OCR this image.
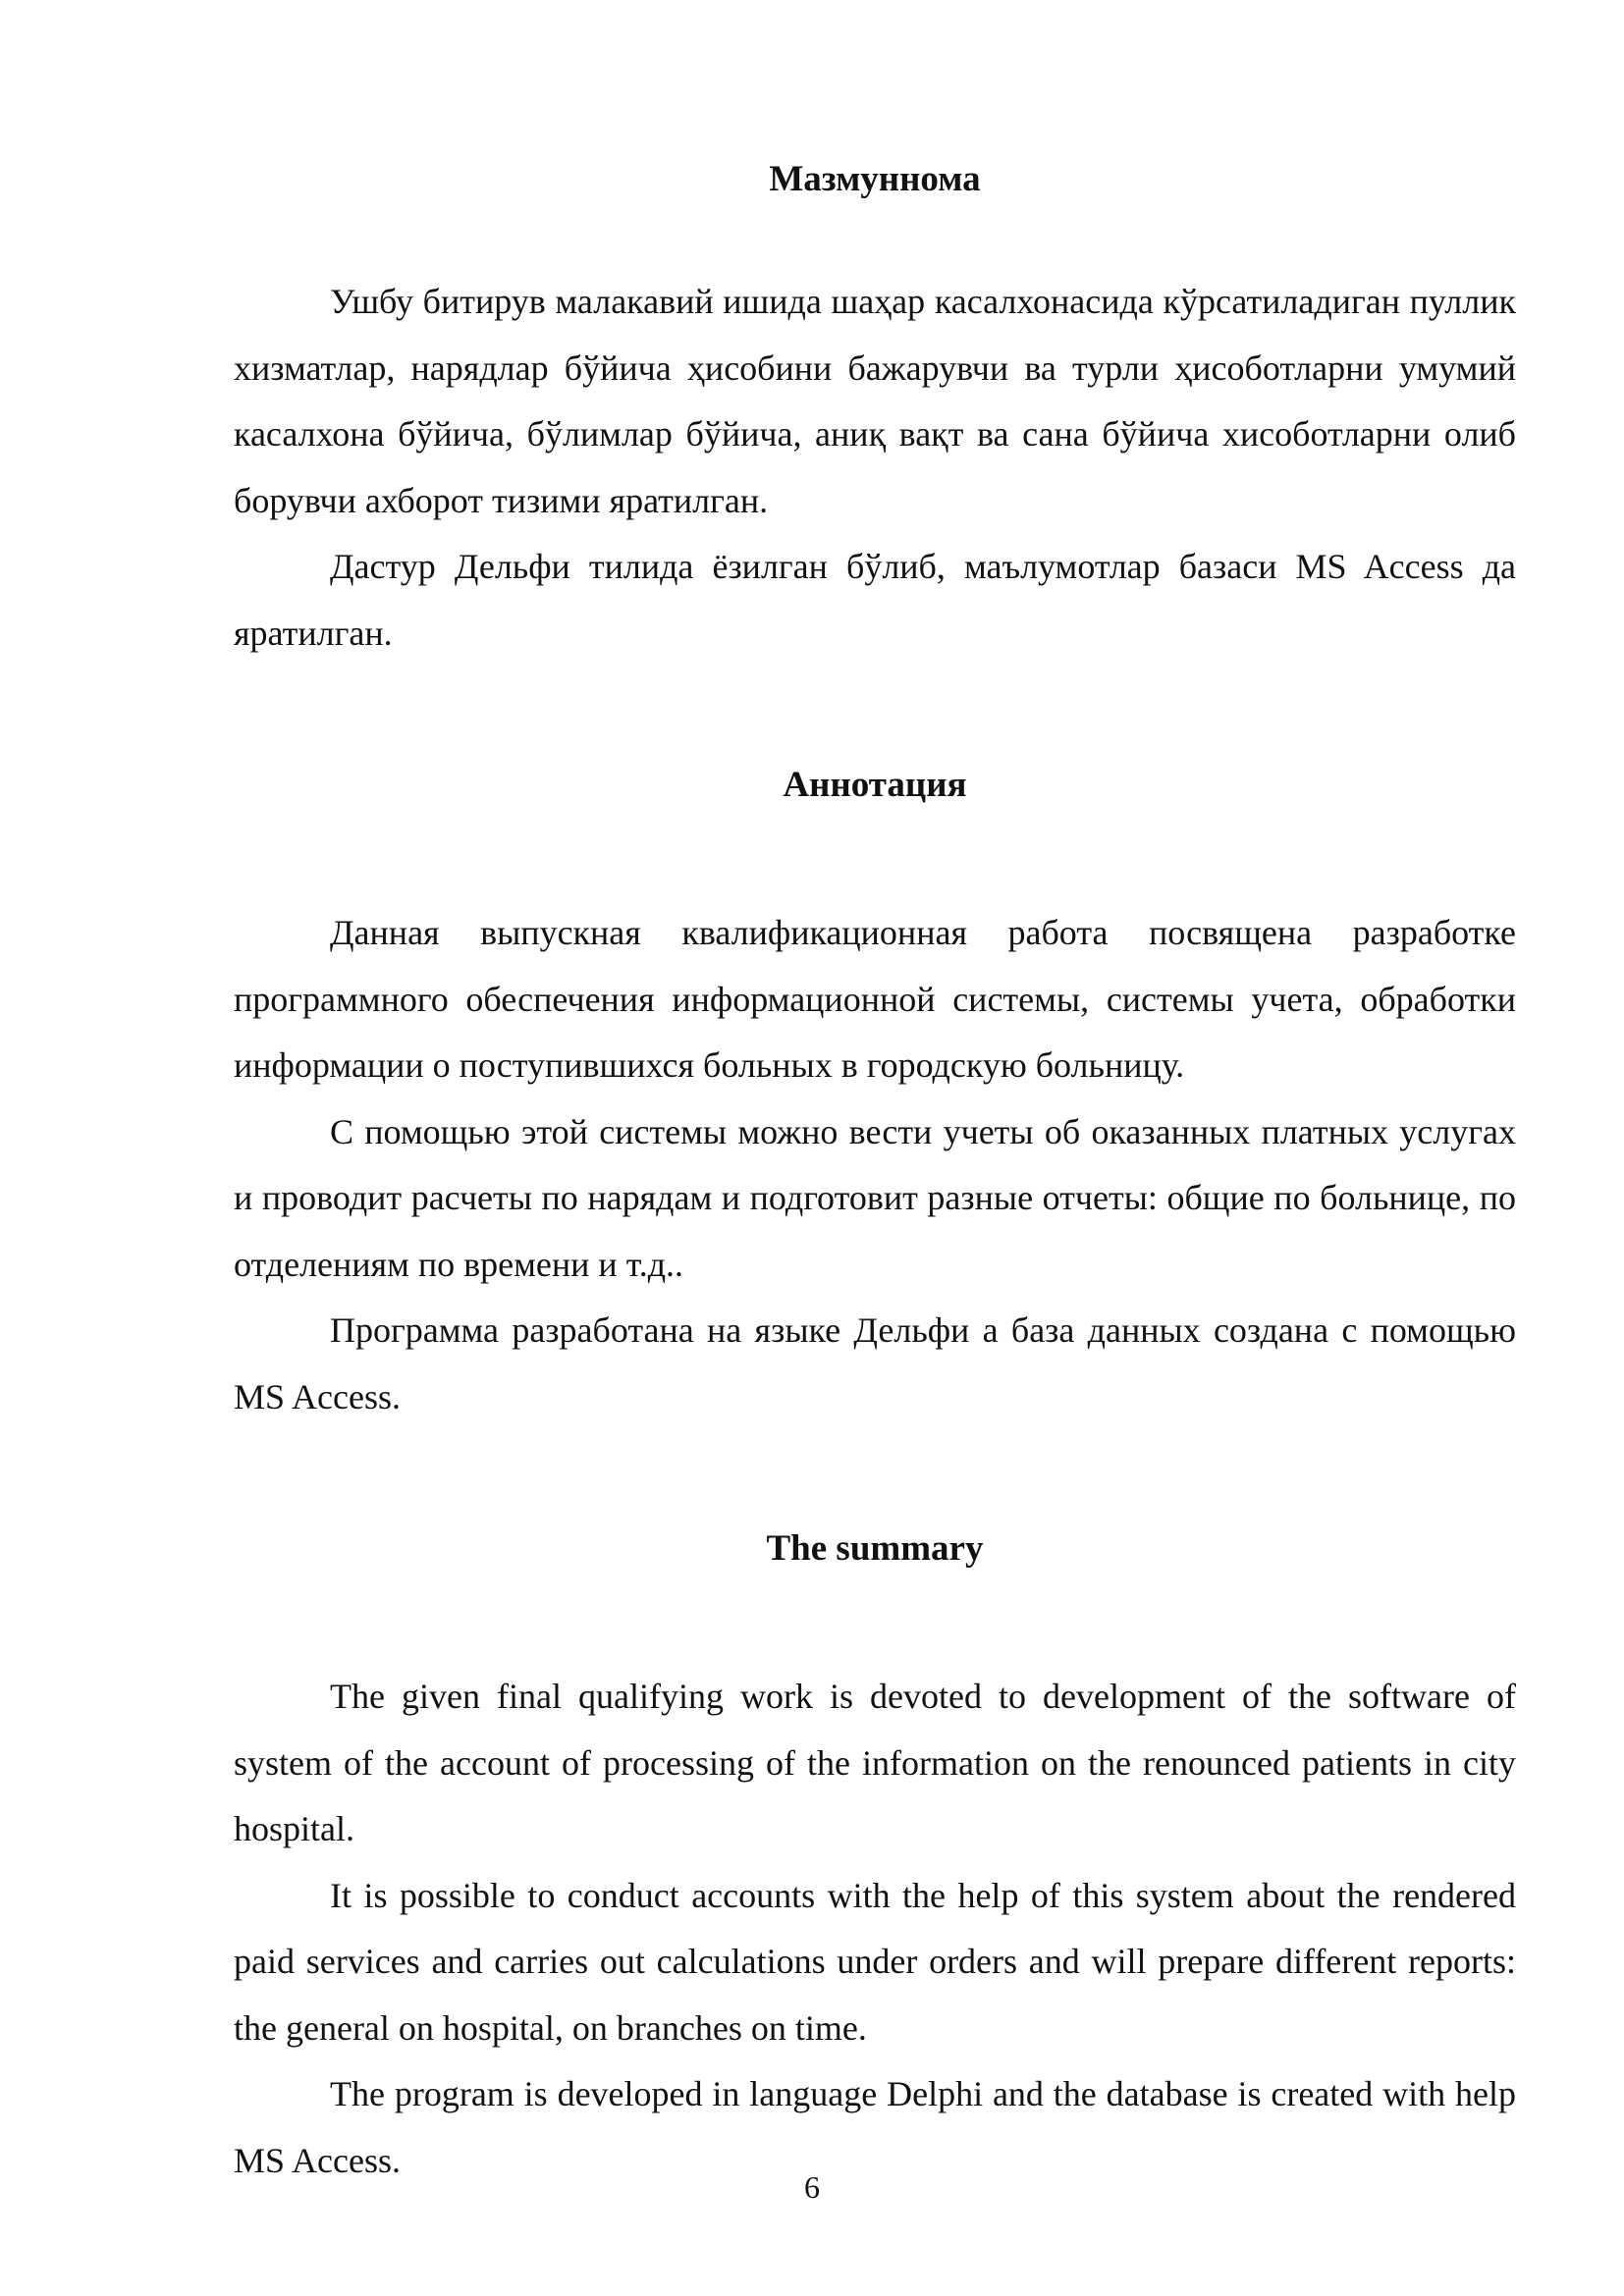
Мазмуннома

Ушбу битирув малакавий ишида шаҳар касалхонасида кўрсатиладиган пуллик хизматлар, нарядлар бўйича ҳисобини бажарувчи ва турли ҳисоботларни умумий касалхона бўйича, бўлимлар бўйича, аниқ вақт ва сана бўйича хисоботларни олиб борувчи ахборот тизими яратилган.

Дастур Дельфи тилида ёзилган бўлиб, маълумотлар базаси MS Access да яратилган.

Аннотация

Данная выпускная квалификационная работа посвящена разработке программного обеспечения информационной системы, системы учета, обработки информации о поступившихся больных в городскую больницу.

С помощью этой системы можно вести учеты об оказанных платных услугах и проводит расчеты по нарядам и подготовит разные отчеты: общие по больнице, по отделениям по времени и т.д..

Программа разработана на языке Дельфи а база данных создана с помощью MS Access.

The summary

The given final qualifying work is devoted to development of the software of system of the account of processing of the information on the renounced patients in city hospital.

It is possible to conduct accounts with the help of this system about the rendered paid services and carries out calculations under orders and will prepare different reports: the general on hospital, on branches on time.

The program is developed in language Delphi and the database is created with help MS Access.

6
